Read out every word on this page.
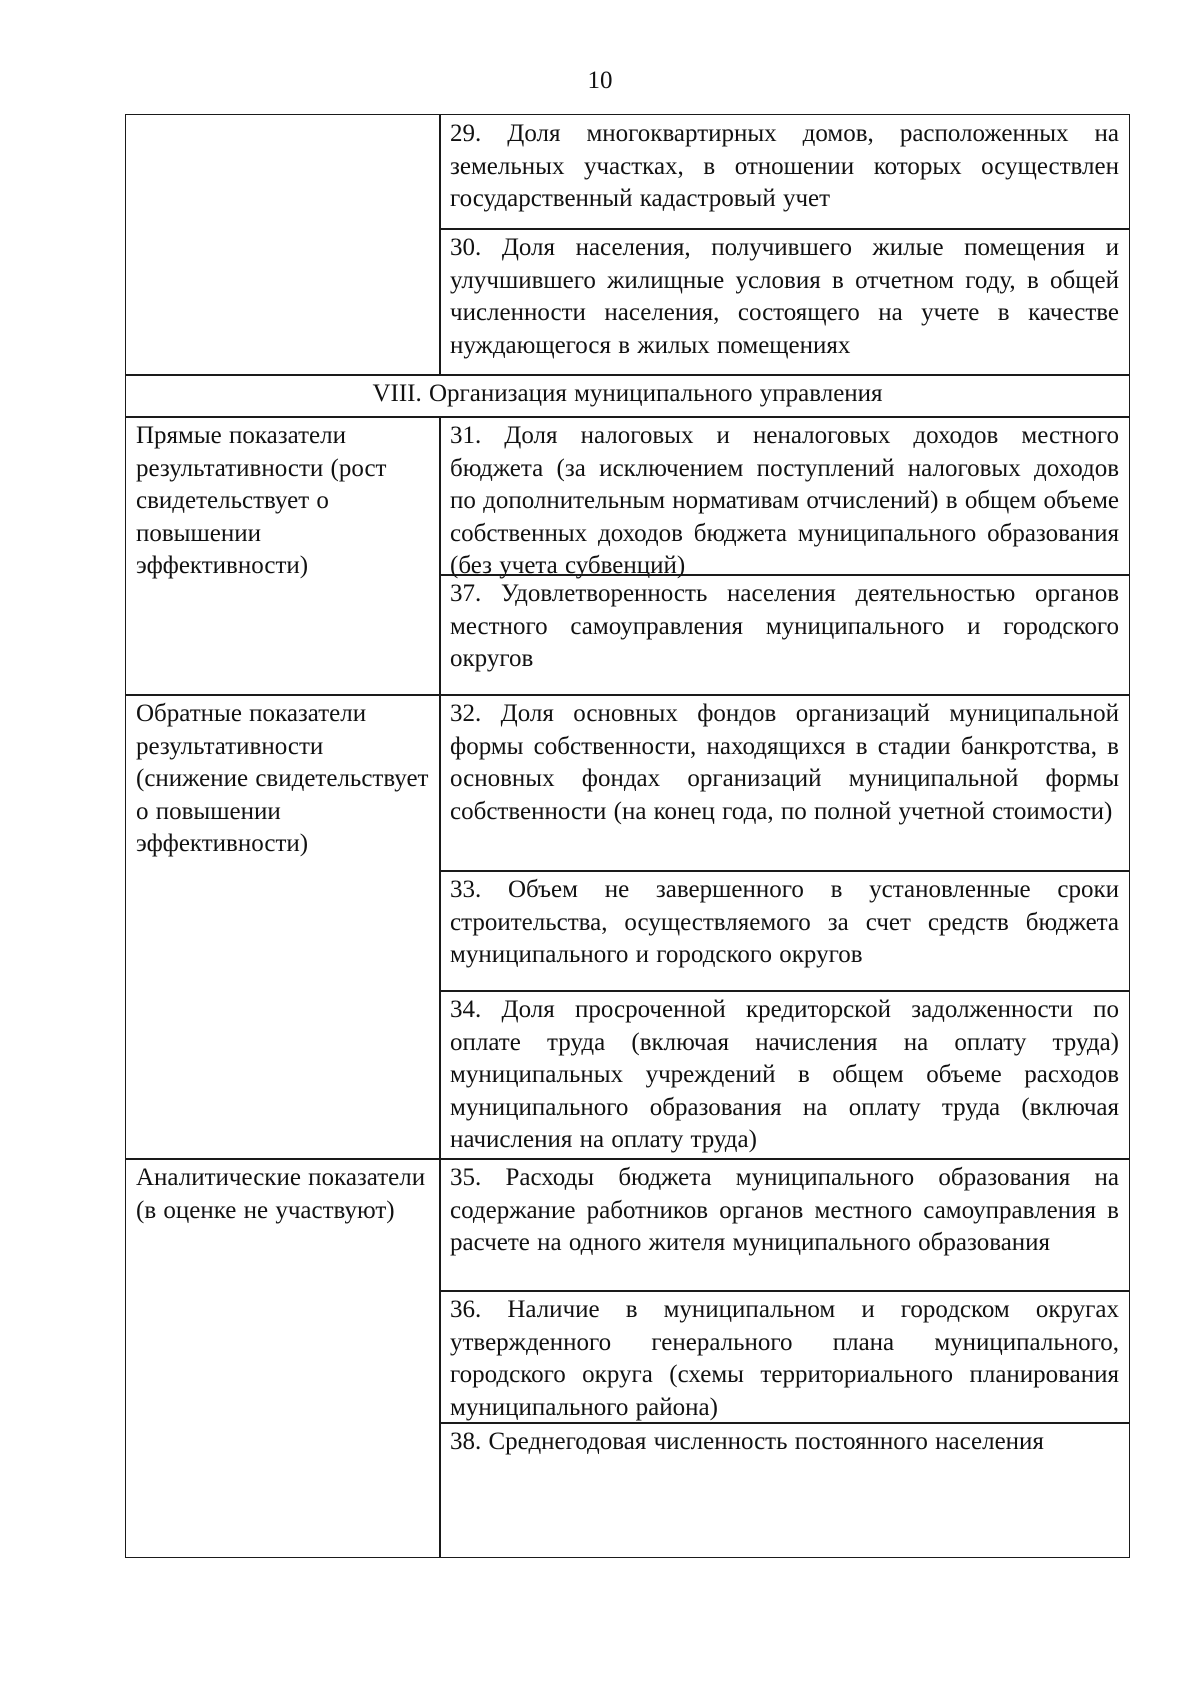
10
29. Доля многоквартирных домов, расположенных на земельных участках, в отношении которых осуществлен государственный кадастровый учет
30. Доля населения, получившего жилые помещения и улучшившего жилищные условия в отчетном году, в общей численности населения, состоящего на учете в качестве нуждающегося в жилых помещениях
VIII. Организация муниципального управления
Прямые показатели результативности (рост свидетельствует о повышении эффективности)
31. Доля налоговых и неналоговых доходов местного бюджета (за исключением поступлений налоговых доходов по дополнительным нормативам отчислений) в общем объеме собственных доходов бюджета муниципального образования (без учета субвенций)
37. Удовлетворенность населения деятельностью органов местного самоуправления муниципального и городского округов
Обратные показатели результативности (снижение свидетельствует о повышении эффективности)
32. Доля основных фондов организаций муниципальной формы собственности, находящихся в стадии банкротства, в основных фондах организаций муниципальной формы собственности (на конец года, по полной учетной стоимости)
33. Объем не завершенного в установленные сроки строительства, осуществляемого за счет средств бюджета муниципального и городского округов
34. Доля просроченной кредиторской задолженности по оплате труда (включая начисления на оплату труда) муниципальных учреждений в общем объеме расходов муниципального образования на оплату труда (включая начисления на оплату труда)
Аналитические показатели (в оценке не участвуют)
35. Расходы бюджета муниципального образования на содержание работников органов местного самоуправления в расчете на одного жителя муниципального образования
36. Наличие в муниципальном и городском округах утвержденного генерального плана муниципального, городского округа (схемы территориального планирования муниципального района)
38. Среднегодовая численность постоянного населения
